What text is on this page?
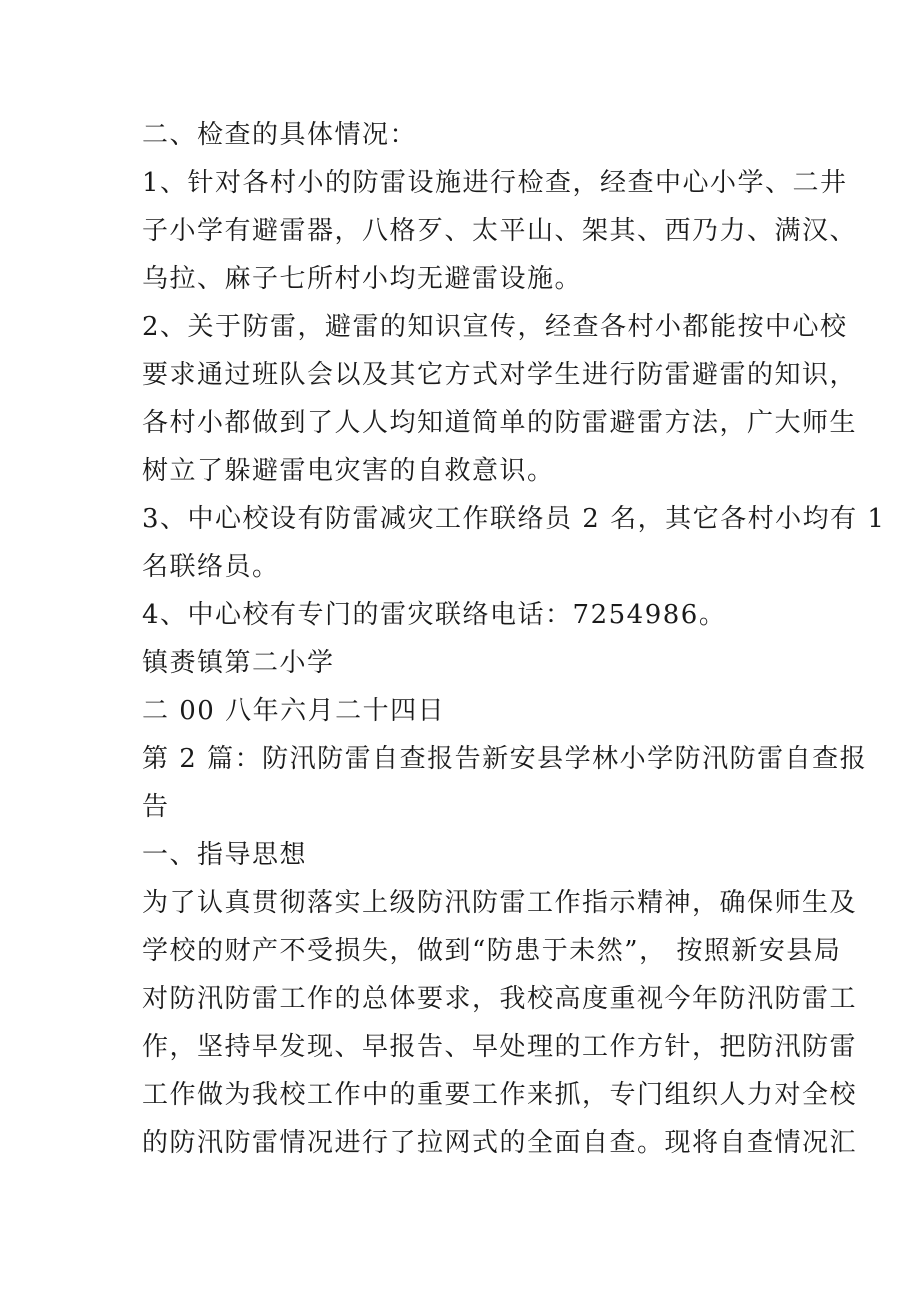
二、检查的具体情况：
1、针对各村小的防雷设施进行检查，经查中心小学、二井
子小学有避雷器，八格歹、太平山、架其、西乃力、满汉、
乌拉、麻子七所村小均无避雷设施。
2、关于防雷，避雷的知识宣传，经查各村小都能按中心校
要求通过班队会以及其它方式对学生进行防雷避雷的知识，
各村小都做到了人人均知道简单的防雷避雷方法，广大师生
树立了躲避雷电灾害的自救意识。
3、中心校设有防雷减灾工作联络员 2 名，其它各村小均有 1
名联络员。
4、中心校有专门的雷灾联络电话：7254986。
镇赉镇第二小学
二 00 八年六月二十四日
第 2 篇：防汛防雷自查报告新安县学林小学防汛防雷自查报
告
一、指导思想
为了认真贯彻落实上级防汛防雷工作指示精神，确保师生及
学校的财产不受损失，做到“防患于未然”， 按照新安县局
对防汛防雷工作的总体要求，我校高度重视今年防汛防雷工
作，坚持早发现、早报告、早处理的工作方针，把防汛防雷
工作做为我校工作中的重要工作来抓，专门组织人力对全校
的防汛防雷情况进行了拉网式的全面自查。现将自查情况汇
